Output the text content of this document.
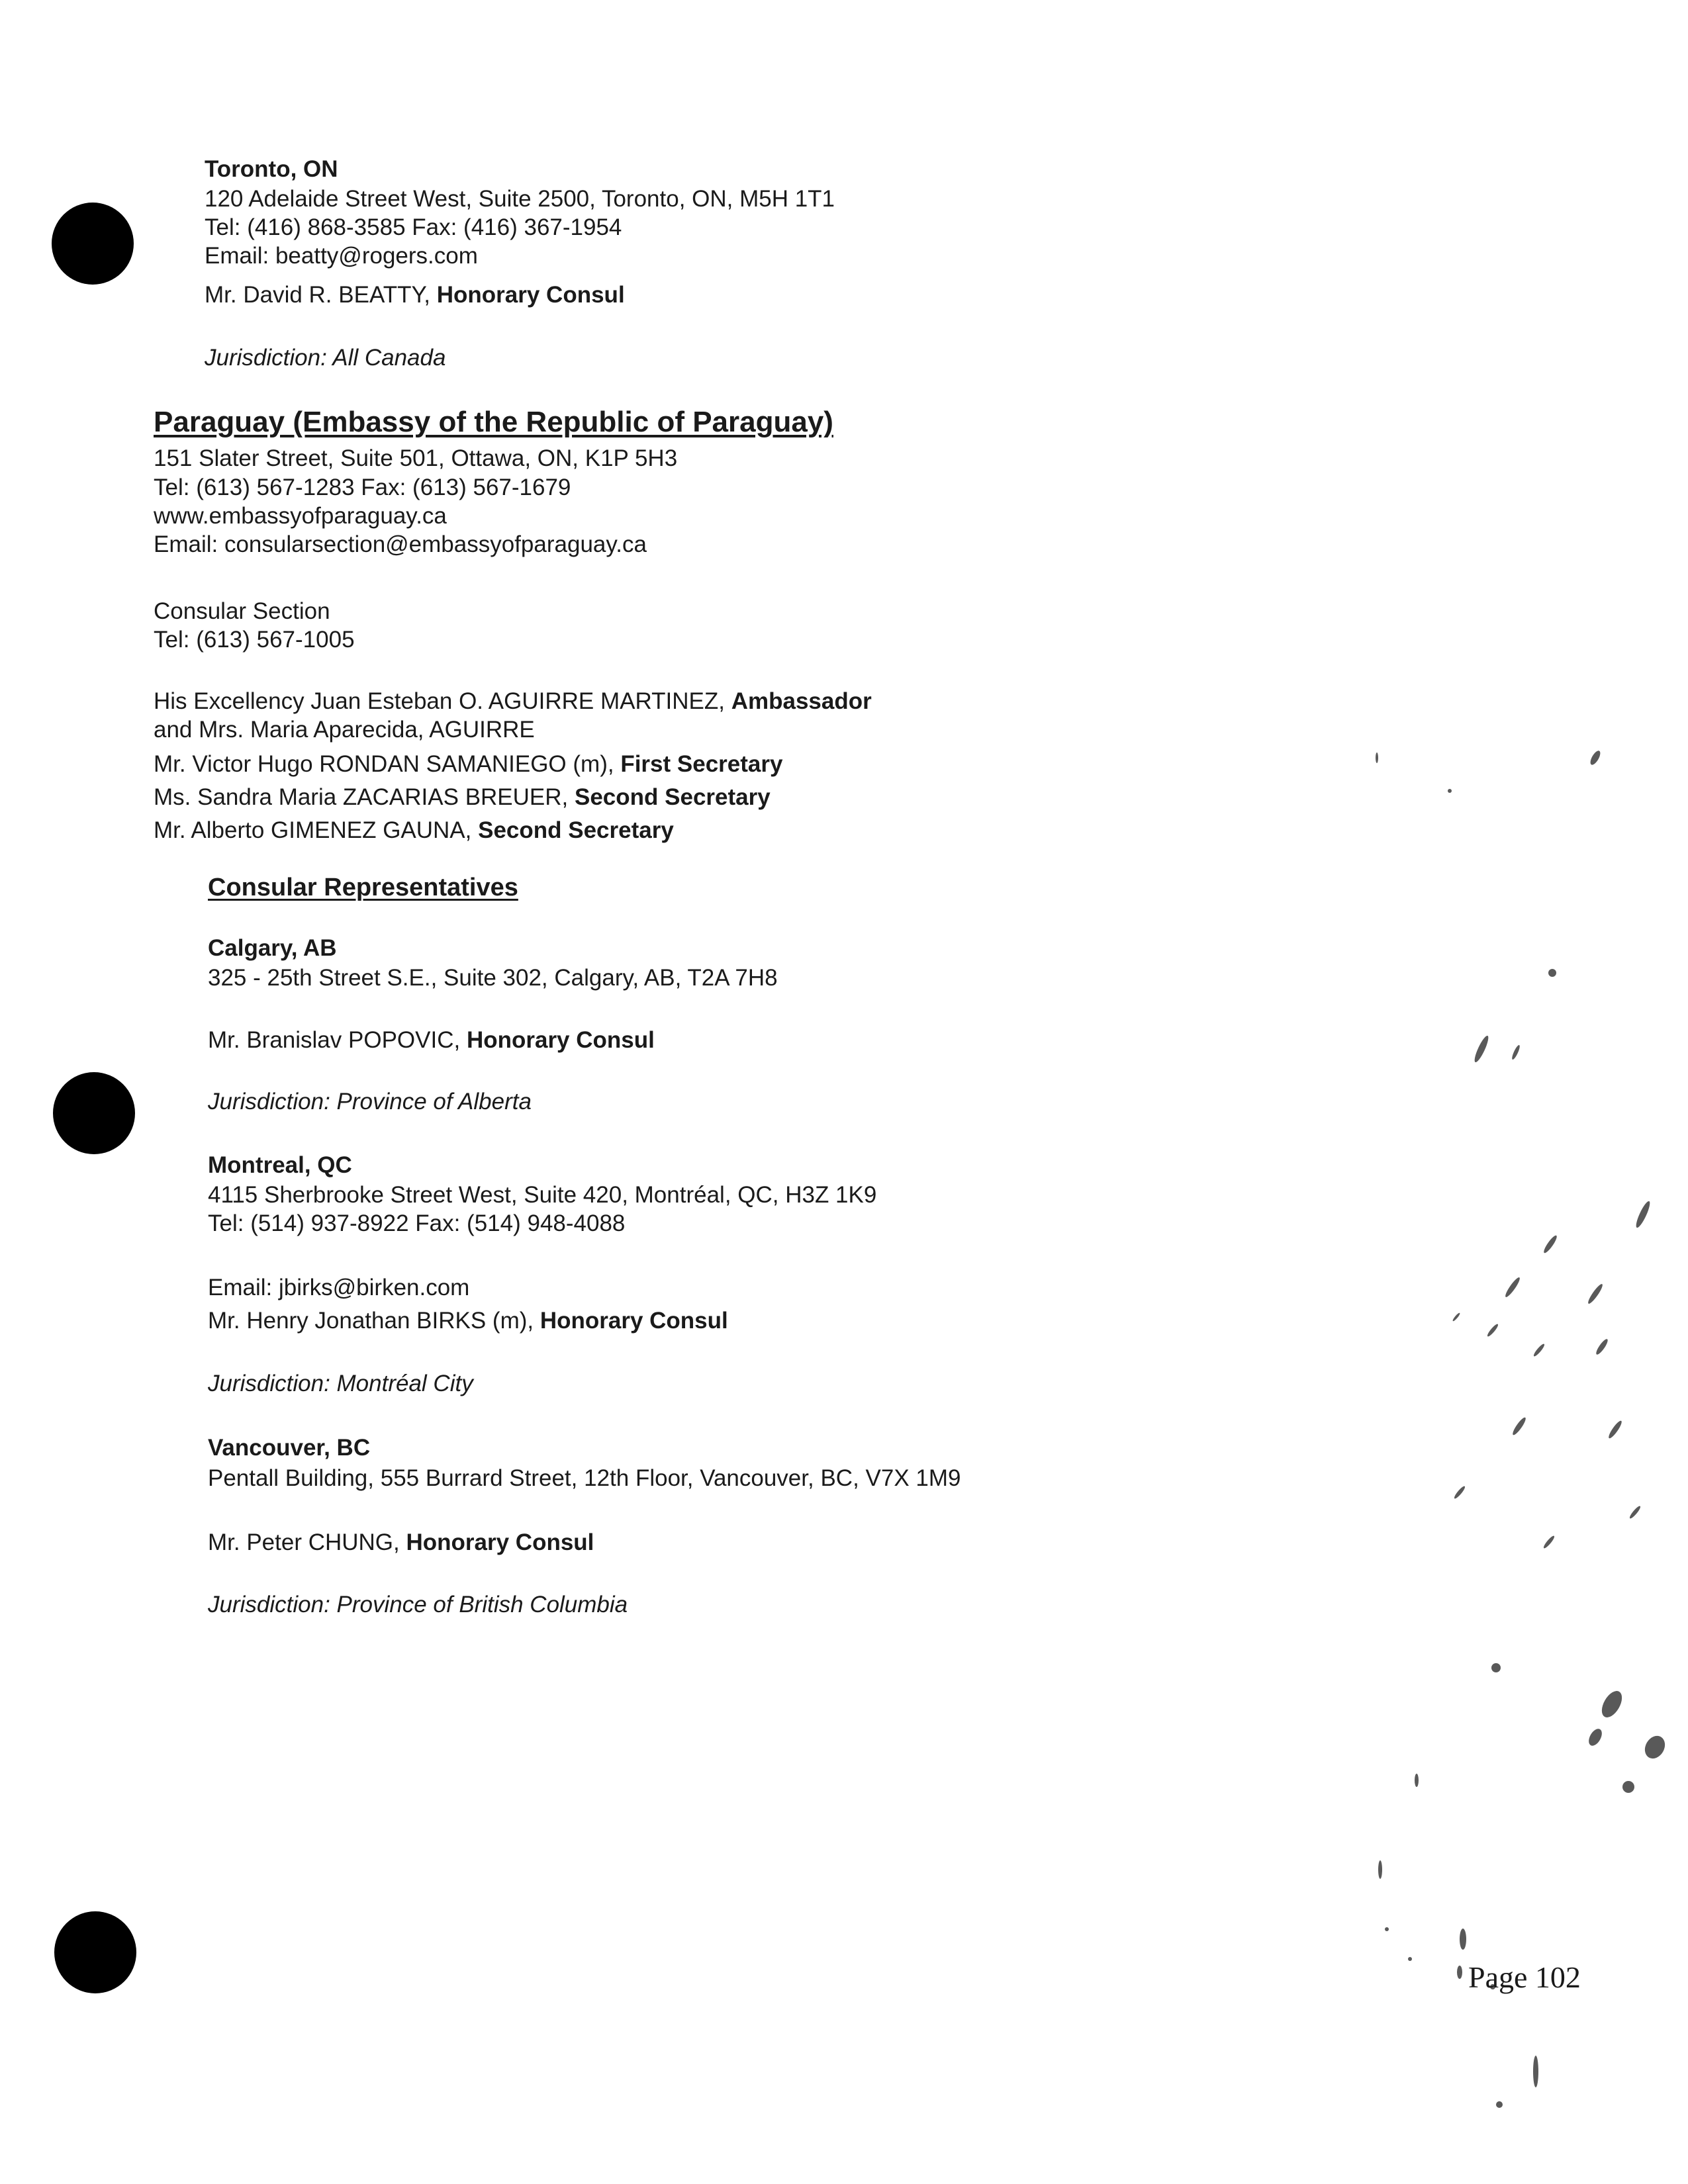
Toronto, ON
120 Adelaide Street West, Suite 2500, Toronto, ON, M5H 1T1
Tel: (416) 868-3585 Fax: (416) 367-1954
Email: beatty@rogers.com
Mr. David R. BEATTY, Honorary Consul
Jurisdiction: All Canada
Paraguay (Embassy of the Republic of Paraguay)
151 Slater Street, Suite 501, Ottawa, ON, K1P 5H3
Tel: (613) 567-1283 Fax: (613) 567-1679
www.embassyofparaguay.ca
Email: consularsection@embassyofparaguay.ca
Consular Section
Tel: (613) 567-1005
His Excellency Juan Esteban O. AGUIRRE MARTINEZ, Ambassador
and Mrs. Maria Aparecida, AGUIRRE
Mr. Victor Hugo RONDAN SAMANIEGO (m), First Secretary
Ms. Sandra Maria ZACARIAS BREUER, Second Secretary
Mr. Alberto GIMENEZ GAUNA, Second Secretary
Consular Representatives
Calgary, AB
325 - 25th Street S.E., Suite 302, Calgary, AB, T2A 7H8
Mr. Branislav POPOVIC, Honorary Consul
Jurisdiction: Province of Alberta
Montreal, QC
4115 Sherbrooke Street West, Suite 420, Montréal, QC, H3Z 1K9
Tel: (514) 937-8922 Fax: (514) 948-4088
Email: jbirks@birken.com
Mr. Henry Jonathan BIRKS (m), Honorary Consul
Jurisdiction: Montréal City
Vancouver, BC
Pentall Building, 555 Burrard Street, 12th Floor, Vancouver, BC, V7X 1M9
Mr. Peter CHUNG, Honorary Consul
Jurisdiction: Province of British Columbia
Page 102
